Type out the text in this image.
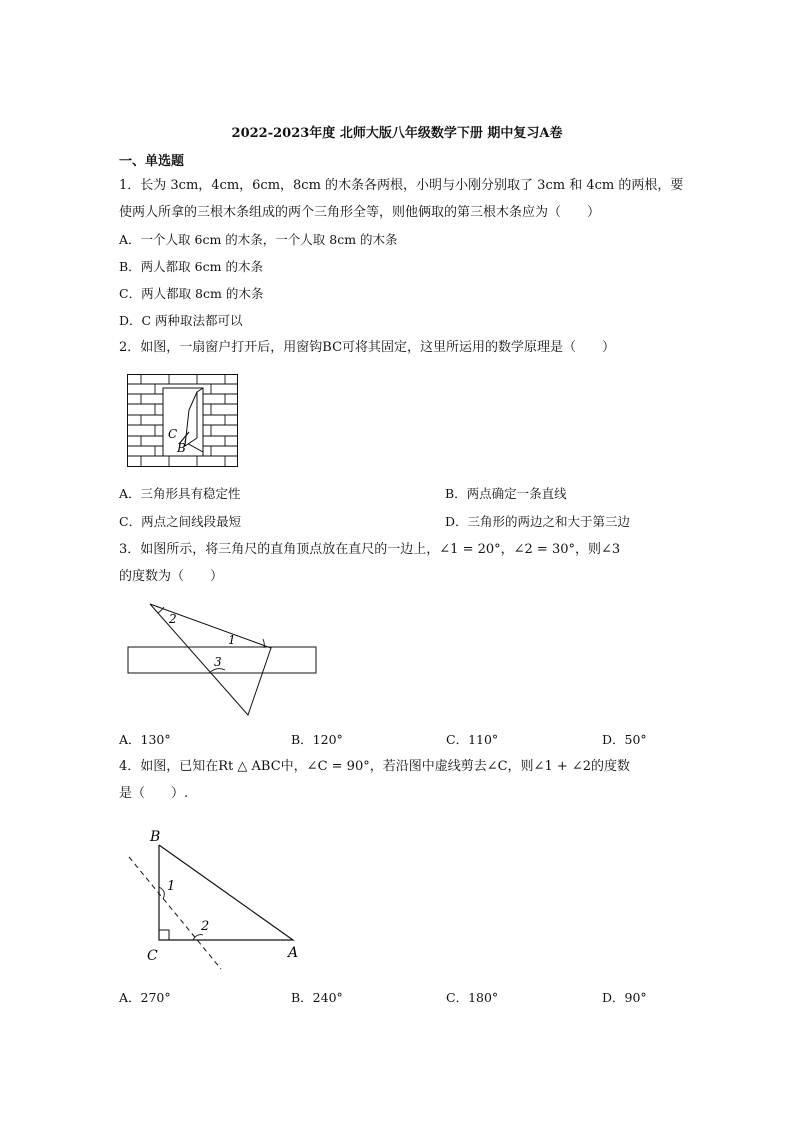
2022-2023年度 北师大版八年级数学下册 期中复习A卷
一、单选题
1．长为 3cm，4cm，6cm，8cm 的木条各两根，小明与小刚分别取了 3cm 和 4cm 的两根，要
使两人所拿的三根木条组成的两个三角形全等，则他俩取的第三根木条应为（　　）
A．一个人取 6cm 的木条，一个人取 8cm 的木条
B．两人都取 6cm 的木条
C．两人都取 8cm 的木条
D．C 两种取法都可以
2．如图，一扇窗户打开后，用窗钩BC可将其固定，这里所运用的数学原理是（　　）
C
B
A．三角形具有稳定性	B．两点确定一条直线
C．两点之间线段最短	D．三角形的两边之和大于第三边
3．如图所示，将三角尺的直角顶点放在直尺的一边上，∠1 = 20°，∠2 = 30°，则∠3
的度数为（　　）
2
1
3
A．130°	B．120°	C．110°	D．50°
4．如图，已知在Rt △ ABC中，∠C = 90°，若沿图中虚线剪去∠C，则∠1 + ∠2的度数
是（　　）.
B
1
2
C	A
A．270°	B．240°	C．180°	D．90°
